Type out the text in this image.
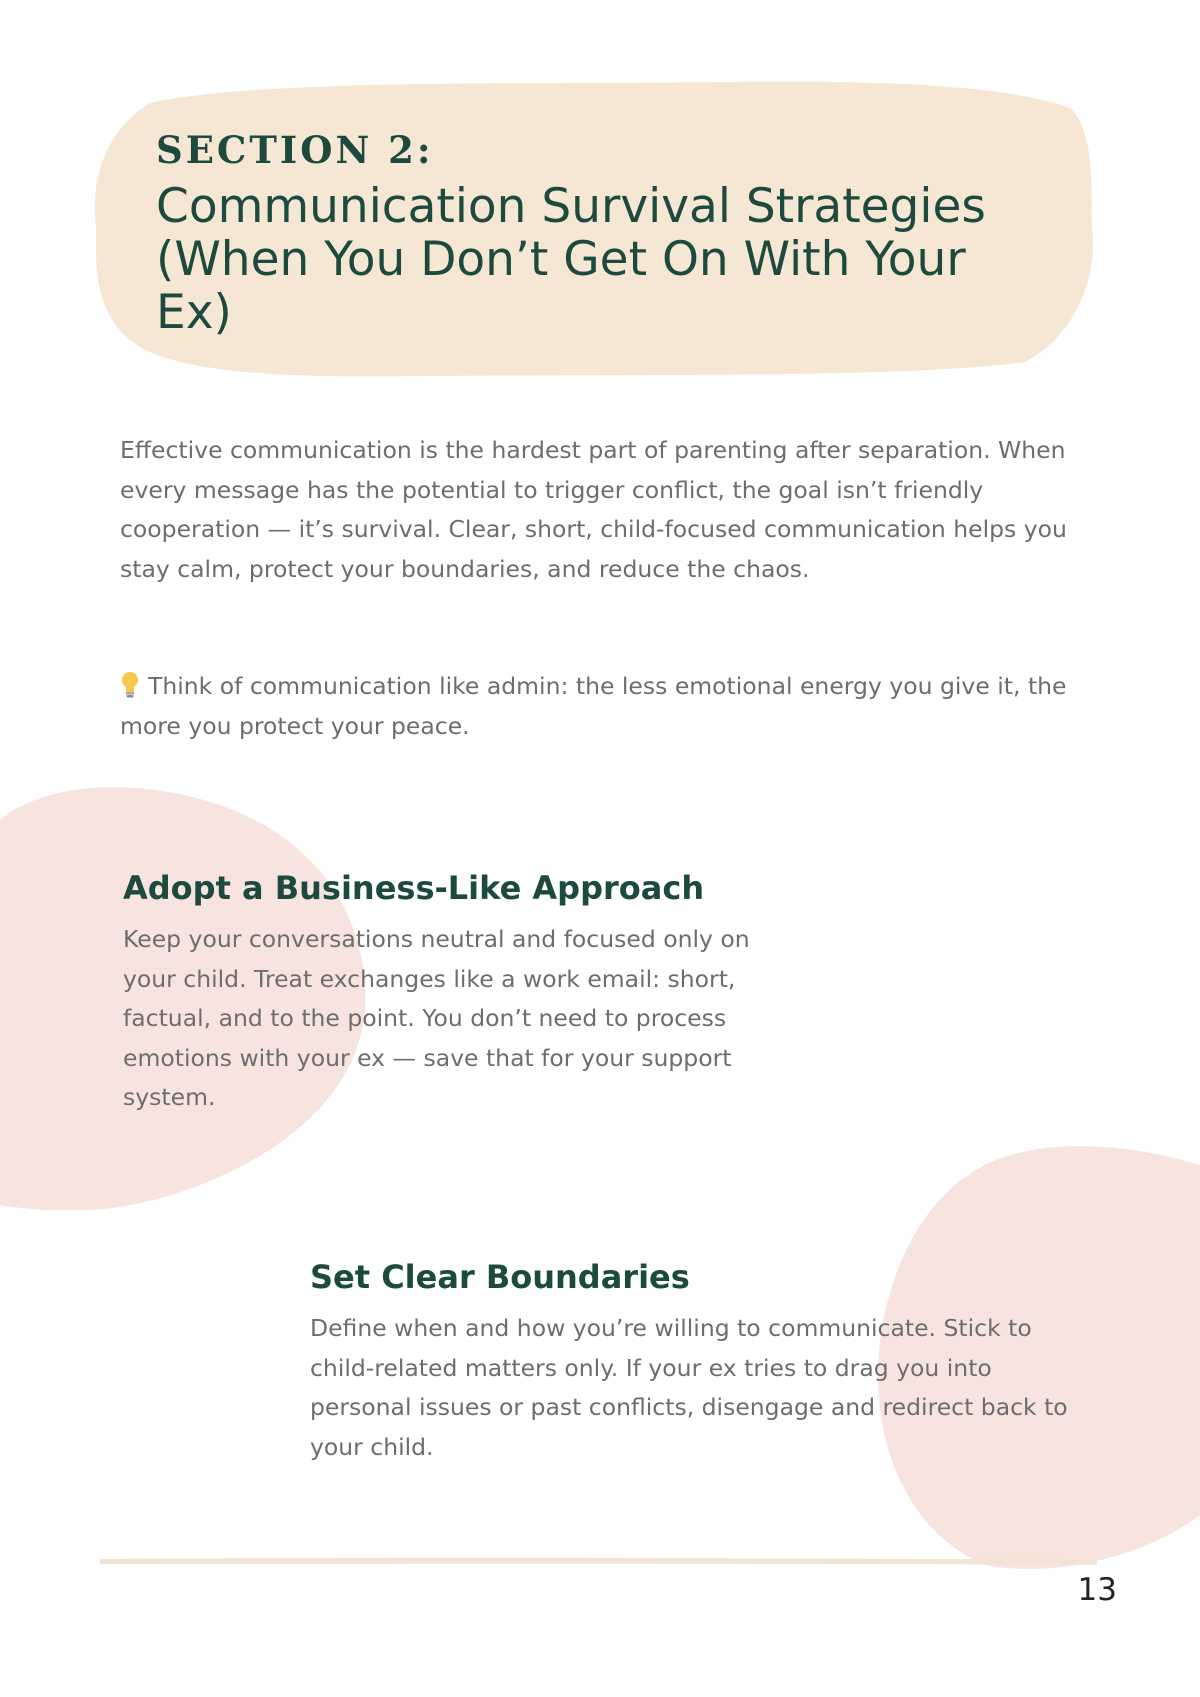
SECTION 2:
Communication Survival Strategies (When You Don’t Get On With Your Ex)

Effective communication is the hardest part of parenting after separation. When every message has the potential to trigger conflict, the goal isn’t friendly cooperation — it’s survival. Clear, short, child-focused communication helps you stay calm, protect your boundaries, and reduce the chaos.

Think of communication like admin: the less emotional energy you give it, the more you protect your peace.

Adopt a Business-Like Approach

Keep your conversations neutral and focused only on your child. Treat exchanges like a work email: short, factual, and to the point. You don’t need to process emotions with your ex — save that for your support system.

Set Clear Boundaries

Define when and how you’re willing to communicate. Stick to child-related matters only. If your ex tries to drag you into personal issues or past conflicts, disengage and redirect back to your child.

13
